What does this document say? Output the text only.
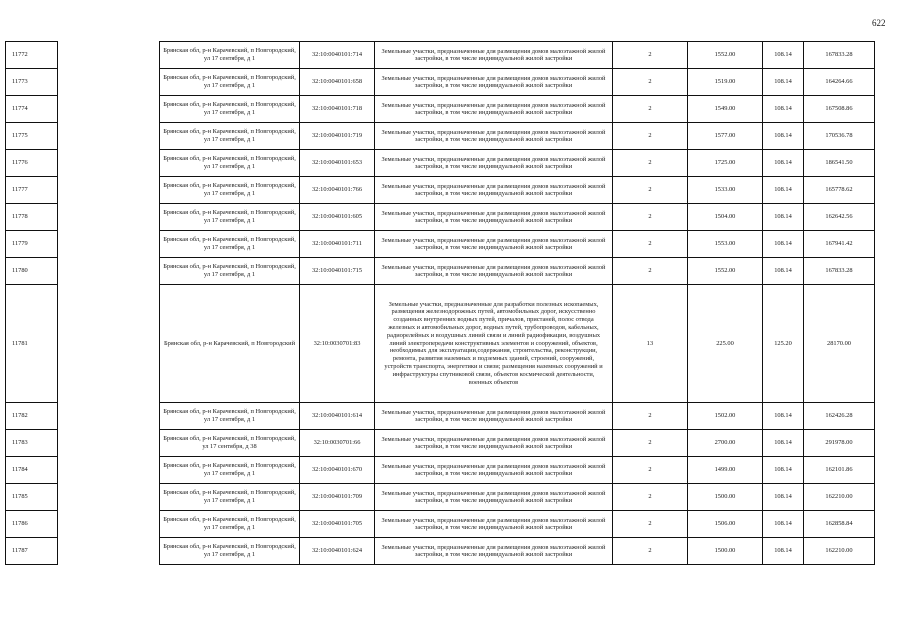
622
11772		Брянская обл, р-н Карачевский, п Новгородский, ул 17 сентября, д 1	32:10:0040101:714	Земельные участки, предназначенные для размещения домов малоэтажной жилой застройки, в том числе индивидуальной жилой застройки	2	1552.00	108.14	167833.28
11773		Брянская обл, р-н Карачевский, п Новгородский, ул 17 сентября, д 1	32:10:0040101:658	Земельные участки, предназначенные для размещения домов малоэтажной жилой застройки, в том числе индивидуальной жилой застройки	2	1519.00	108.14	164264.66
11774		Брянская обл, р-н Карачевский, п Новгородский, ул 17 сентября, д 1	32:10:0040101:718	Земельные участки, предназначенные для размещения домов малоэтажной жилой застройки, в том числе индивидуальной жилой застройки	2	1549.00	108.14	167508.86
11775		Брянская обл, р-н Карачевский, п Новгородский, ул 17 сентября, д 1	32:10:0040101:719	Земельные участки, предназначенные для размещения домов малоэтажной жилой застройки, в том числе индивидуальной жилой застройки	2	1577.00	108.14	170536.78
11776		Брянская обл, р-н Карачевский, п Новгородский, ул 17 сентября, д 1	32:10:0040101:653	Земельные участки, предназначенные для размещения домов малоэтажной жилой застройки, в том числе индивидуальной жилой застройки	2	1725.00	108.14	186541.50
11777		Брянская обл, р-н Карачевский, п Новгородский, ул 17 сентября, д 1	32:10:0040101:766	Земельные участки, предназначенные для размещения домов малоэтажной жилой застройки, в том числе индивидуальной жилой застройки	2	1533.00	108.14	165778.62
11778		Брянская обл, р-н Карачевский, п Новгородский, ул 17 сентября, д 1	32:10:0040101:605	Земельные участки, предназначенные для размещения домов малоэтажной жилой застройки, в том числе индивидуальной жилой застройки	2	1504.00	108.14	162642.56
11779		Брянская обл, р-н Карачевский, п Новгородский, ул 17 сентября, д 1	32:10:0040101:711	Земельные участки, предназначенные для размещения домов малоэтажной жилой застройки, в том числе индивидуальной жилой застройки	2	1553.00	108.14	167941.42
11780		Брянская обл, р-н Карачевский, п Новгородский, ул 17 сентября, д 1	32:10:0040101:715	Земельные участки, предназначенные для размещения домов малоэтажной жилой застройки, в том числе индивидуальной жилой застройки	2	1552.00	108.14	167833.28
11781		Брянская обл, р-н Карачевский, п Новгородский	32:10:0030701:83	Земельные участки, предназначенные для разработки полезных ископаемых, размещения железнодорожных путей, автомобильных дорог, искусственно созданных внутренних водных путей, причалов, пристаней, полос отвода железных и автомобильных дорог, водных путей, трубопроводов, кабельных, радиорелейных и воздушных линий связи и линий радиофикации, воздушных линий электропередачи конструктивных элементов и сооружений, объектов, необходимых для эксплуатации,содержания, строительства, реконструкции, ремонта, развития наземных и подземных зданий, строений, сооружений, устройств транспорта, энергетики и связи; размещения наземных сооружений и инфраструктуры спутниковой связи, объектов космической деятельности, военных объектов	13	225.00	125.20	28170.00
11782		Брянская обл, р-н Карачевский, п Новгородский, ул 17 сентября, д 1	32:10:0040101:614	Земельные участки, предназначенные для размещения домов малоэтажной жилой застройки, в том числе индивидуальной жилой застройки	2	1502.00	108.14	162426.28
11783		Брянская обл, р-н Карачевский, п Новгородский, ул 17 сентября, д 38	32:10:0030701:66	Земельные участки, предназначенные для размещения домов малоэтажной жилой застройки, в том числе индивидуальной жилой застройки	2	2700.00	108.14	291978.00
11784		Брянская обл, р-н Карачевский, п Новгородский, ул 17 сентября, д 1	32:10:0040101:670	Земельные участки, предназначенные для размещения домов малоэтажной жилой застройки, в том числе индивидуальной жилой застройки	2	1499.00	108.14	162101.86
11785		Брянская обл, р-н Карачевский, п Новгородский, ул 17 сентября, д 1	32:10:0040101:709	Земельные участки, предназначенные для размещения домов малоэтажной жилой застройки, в том числе индивидуальной жилой застройки	2	1500.00	108.14	162210.00
11786		Брянская обл, р-н Карачевский, п Новгородский, ул 17 сентября, д 1	32:10:0040101:705	Земельные участки, предназначенные для размещения домов малоэтажной жилой застройки, в том числе индивидуальной жилой застройки	2	1506.00	108.14	162858.84
11787		Брянская обл, р-н Карачевский, п Новгородский, ул 17 сентября, д 1	32:10:0040101:624	Земельные участки, предназначенные для размещения домов малоэтажной жилой застройки, в том числе индивидуальной жилой застройки	2	1500.00	108.14	162210.00
